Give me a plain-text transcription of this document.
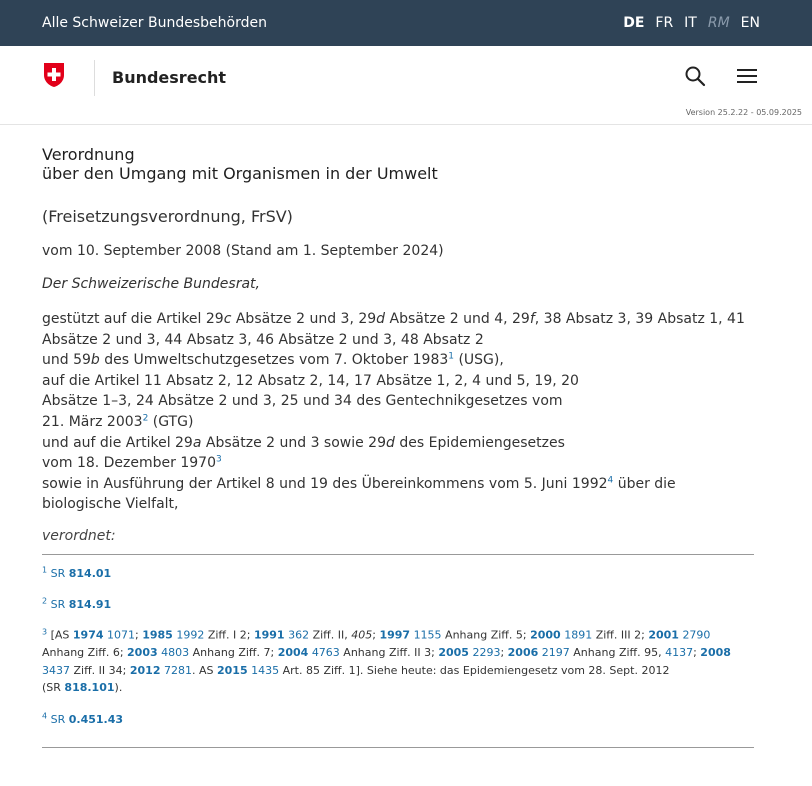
Alle Schweizer Bundesbehörden	DE FR IT RM EN
Bundesrecht
Version 25.2.22 - 05.09.2025
Verordnung
über den Umgang mit Organismen in der Umwelt
(Freisetzungsverordnung, FrSV)
vom 10. September 2008 (Stand am 1. September 2024)
Der Schweizerische Bundesrat,
gestützt auf die Artikel 29c Absätze 2 und 3, 29d Absätze 2 und 4, 29f, 38 Absatz 3, 39 Absatz 1, 41
Absätze 2 und 3, 44 Absatz 3, 46 Absätze 2 und 3, 48 Absatz 2
und 59b des Umweltschutzgesetzes vom 7. Oktober 1983$^1$ (USG),
auf die Artikel 11 Absatz 2, 12 Absatz 2, 14, 17 Absätze 1, 2, 4 und 5, 19, 20
Absätze 1–3, 24 Absätze 2 und 3, 25 und 34 des Gentechnikgesetzes vom
21. März 2003$^2$ (GTG)
und auf die Artikel 29a Absätze 2 und 3 sowie 29d des Epidemiengesetzes
vom 18. Dezember 1970$^3$
sowie in Ausführung der Artikel 8 und 19 des Übereinkommens vom 5. Juni 1992$^4$ über die
biologische Vielfalt,
verordnet:
$^1$ SR 814.01
$^2$ SR 814.91
$^3$ [AS 1974 1071; 1985 1992 Ziff. I 2; 1991 362 Ziff. II, 405; 1997 1155 Anhang Ziff. 5; 2000 1891 Ziff. III 2; 2001 2790 Anhang Ziff. 6; 2003 4803 Anhang Ziff. 7; 2004 4763 Anhang Ziff. II 3; 2005 2293; 2006 2197 Anhang Ziff. 95, 4137; 2008 3437 Ziff. II 34; 2012 7281. AS 2015 1435 Art. 85 Ziff. 1]. Siehe heute: das Epidemiengesetz vom 28. Sept. 2012
(SR 818.101).
$^4$ SR 0.451.43
